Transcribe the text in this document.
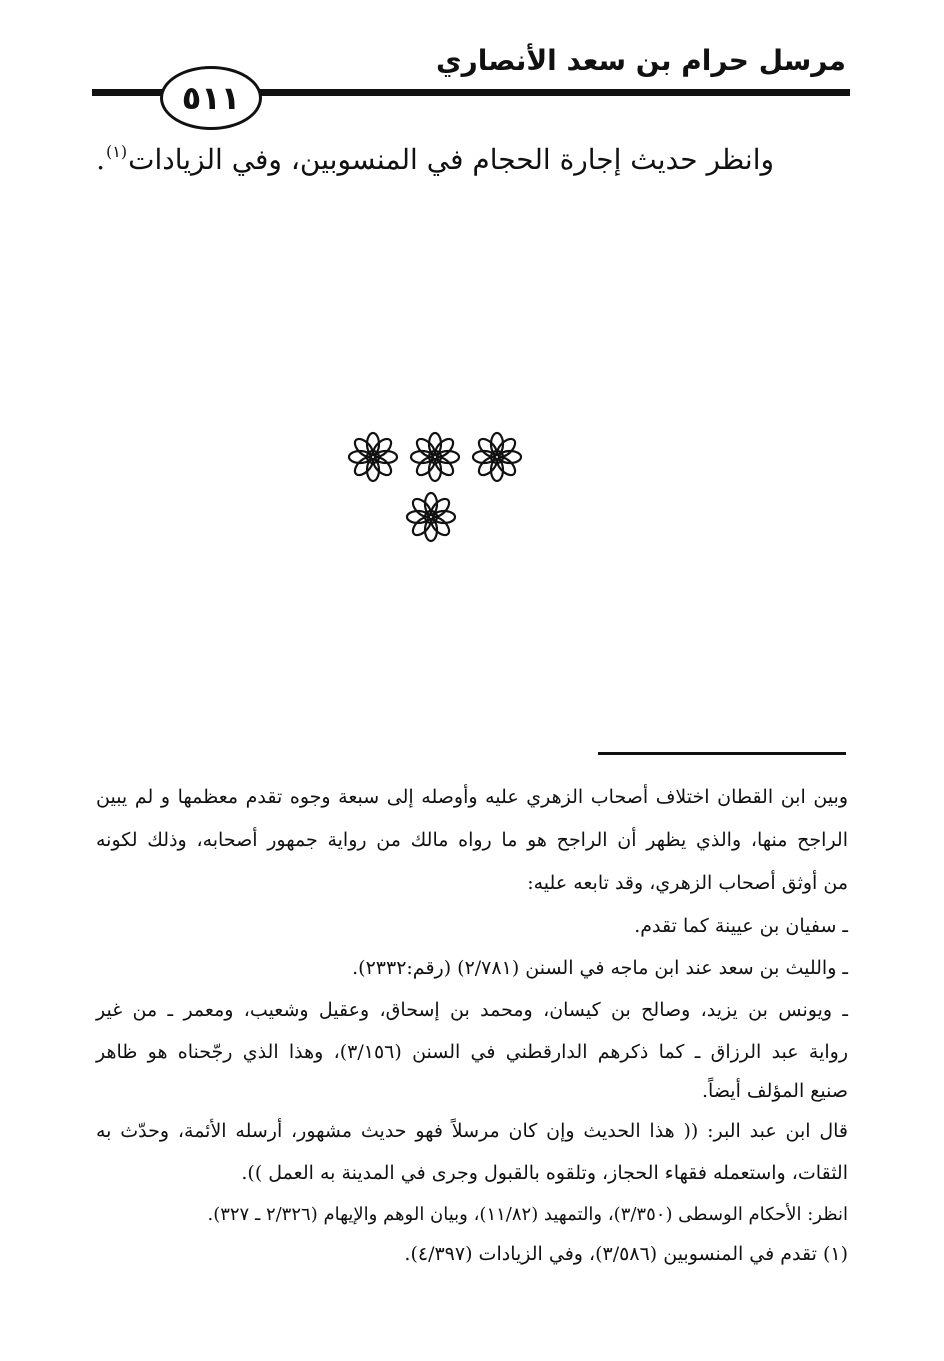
مرسل حرام بن سعد الأنصاري
٥١١
وانظر حديث إجارة الحجام في المنسوبين، وفي الزيادات$^{(١)}$.
وبين ابن القطان اختلاف أصحاب الزهري عليه وأوصله إلى سبعة وجوه تقدم معظمها و لم يبين
الراجح منها، والذي يظهر أن الراجح هو ما رواه مالك من رواية جمهور أصحابه، وذلك لكونه
من أوثق أصحاب الزهري، وقد تابعه عليه:
ـ سفيان بن عيينة كما تقدم.
ـ والليث بن سعد عند ابن ماجه في السنن (٢/٧٨١) (رقم:٢٣٣٢).
ـ ويونس بن يزيد، وصالح بن كيسان، ومحمد بن إسحاق، وعقيل وشعيب، ومعمر ـ من غير
رواية عبد الرزاق ـ كما ذكرهم الدارقطني في السنن (٣/١٥٦)، وهذا الذي رجّحناه هو ظاهر
صنيع المؤلف أيضاً.
قال ابن عبد البر: (( هذا الحديث وإن كان مرسلاً فهو حديث مشهور، أرسله الأئمة، وحدّث به
الثقات، واستعمله فقهاء الحجاز، وتلقوه بالقبول وجرى في المدينة به العمل )).
انظر: الأحكام الوسطى (٣/٣٥٠)، والتمهيد (١١/٨٢)، وبيان الوهم والإيهام (٢/٣٢٦ ـ ٣٢٧).
(١) تقدم في المنسوبين (٣/٥٨٦)، وفي الزيادات (٤/٣٩٧).
